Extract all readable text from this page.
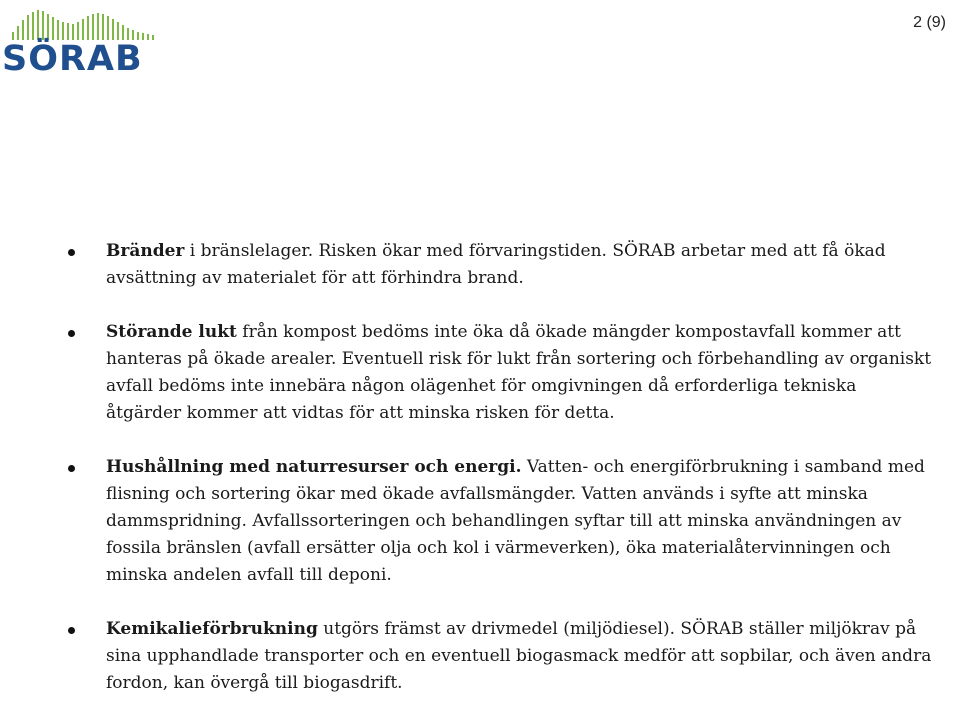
SÖRAB
2 (9)
Bränder i bränslelager. Risken ökar med förvaringstiden. SÖRAB arbetar med att få ökad avsättning av materialet för att förhindra brand.
Störande lukt från kompost bedöms inte öka då ökade mängder kompostavfall kommer att hanteras på ökade arealer. Eventuell risk för lukt från sortering och förbehandling av organiskt avfall bedöms inte innebära någon olägenhet för omgivningen då erforderliga tekniska åtgärder kommer att vidtas för att minska risken för detta.
Hushållning med naturresurser och energi. Vatten- och energiförbrukning i samband med flisning och sortering ökar med ökade avfallsmängder. Vatten används i syfte att minska dammspridning. Avfallssorteringen och behandlingen syftar till att minska användningen av fossila bränslen (avfall ersätter olja och kol i värmeverken), öka materialåtervinningen och minska andelen avfall till deponi.
Kemikalieförbrukning utgörs främst av drivmedel (miljödiesel). SÖRAB ställer miljökrav på sina upphandlade transporter och en eventuell biogasmack medför att sopbilar, och även andra fordon, kan övergå till biogasdrift.
